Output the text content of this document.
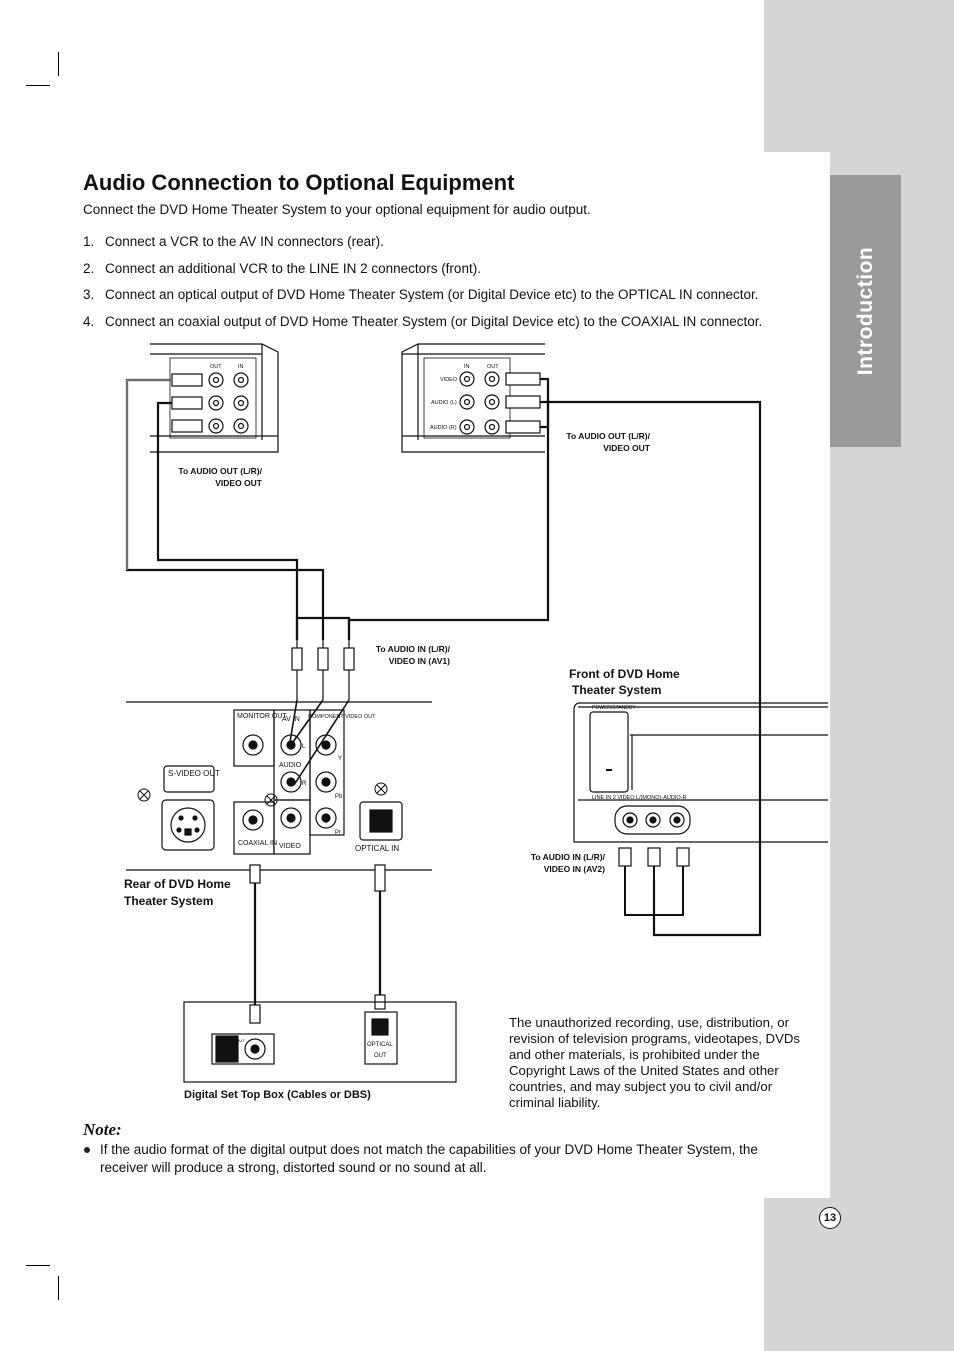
Introduction
Audio Connection to Optional Equipment
Connect the DVD Home Theater System to your optional equipment for audio output.
1. Connect a VCR to the AV IN connectors (rear).
2. Connect an additional VCR to the LINE IN 2 connectors (front).
3. Connect an optical output of DVD Home Theater System (or Digital Device etc) to the OPTICAL IN connector.
4. Connect an coaxial output of DVD Home Theater System (or Digital Device etc) to the COAXIAL IN connector.
OUT	IN	IN	OUT
VIDEO
AUDIO (L)
AUDIO (R)
POWER/STANDBY
LINE IN 2 VIDEO L/(MONO)-AUDIO-R
DIGITAL OUT
COAXIAL
OPTICAL
OUT
MONITOR OUT
AV IN COMPONENT VIDEO OUT
AUDIO
S-VIDEO OUT
COAXIAL IN VIDEO	OPTICAL IN
L
R
Y
Pb
Pr
To AUDIO OUT (L/R)/
VIDEO OUT
To AUDIO OUT (L/R)/
VIDEO OUT
To AUDIO IN (L/R)/
VIDEO IN (AV1)
To AUDIO IN (L/R)/
VIDEO IN (AV2)
Rear of DVD Home
Theater System
Front of DVD Home
Theater System
Digital Set Top Box (Cables or DBS)
The unauthorized recording, use, distribution, or revision of television programs, videotapes, DVDs and other materials, is prohibited under the Copyright Laws of the United States and other countries, and may subject you to civil and/or criminal liability.
Note:
If the audio format of the digital output does not match the capabilities of your DVD Home Theater System, the receiver will produce a strong, distorted sound or no sound at all.
13
